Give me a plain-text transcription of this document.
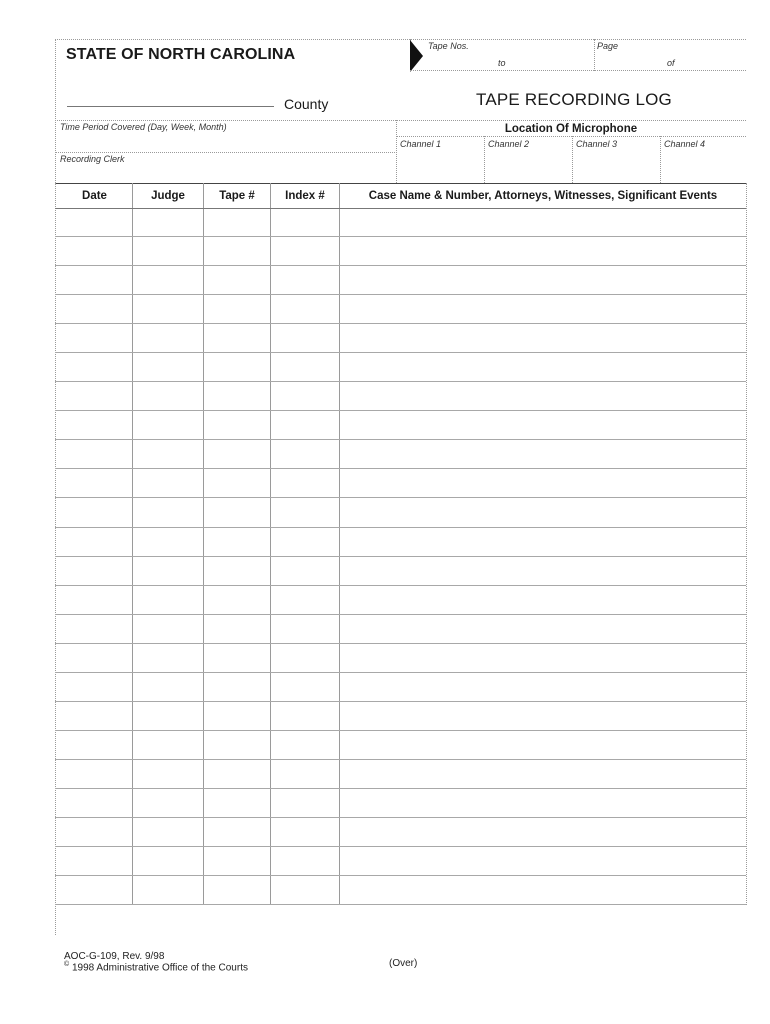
STATE OF NORTH CAROLINA	Tape Nos.
to
Page
of
County	TAPE RECORDING LOG
Time Period Covered (Day, Week, Month)
Recording Clerk
Location Of Microphone
Channel 1	Channel 2	Channel 3	Channel 4
Date	Judge	Tape #	Index #	Case Name & Number, Attorneys, Witnesses, Significant Events
AOC-G-109, Rev. 9/98
© 1998 Administrative Office of the Courts	(Over)
